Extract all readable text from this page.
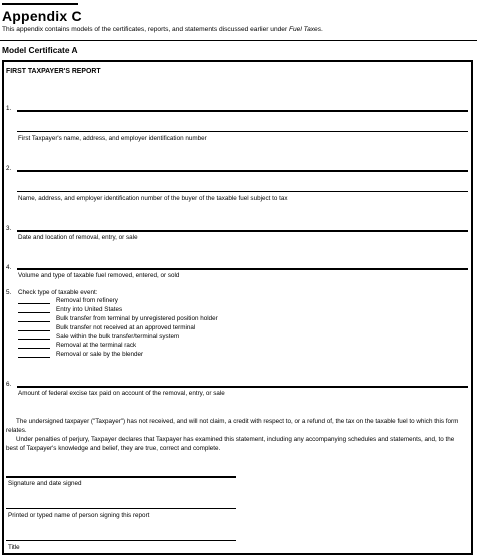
Appendix C
This appendix contains models of the certificates, reports, and statements discussed earlier under Fuel Taxes.
Model Certificate A
FIRST TAXPAYER'S REPORT
1.
First Taxpayer's name, address, and employer identification number
2.
Name, address, and employer identification number of the buyer of the taxable fuel subject to tax
3.
Date and location of removal, entry, or sale
4.
Volume and type of taxable fuel removed, entered, or sold
5. Check type of taxable event:
Removal from refinery
Entry into United States
Bulk transfer from terminal by unregistered position holder
Bulk transfer not received at an approved terminal
Sale within the bulk transfer/terminal system
Removal at the terminal rack
Removal or sale by the blender
6.
Amount of federal excise tax paid on account of the removal, entry, or sale
The undersigned taxpayer ("Taxpayer") has not received, and will not claim, a credit with respect to, or a refund of, the tax on the taxable fuel to which this form relates.
Under penalties of perjury, Taxpayer declares that Taxpayer has examined this statement, including any accompanying schedules and statements, and, to the best of Taxpayer's knowledge and belief, they are true, correct and complete.
Signature and date signed
Printed or typed name of person signing this report
Title
